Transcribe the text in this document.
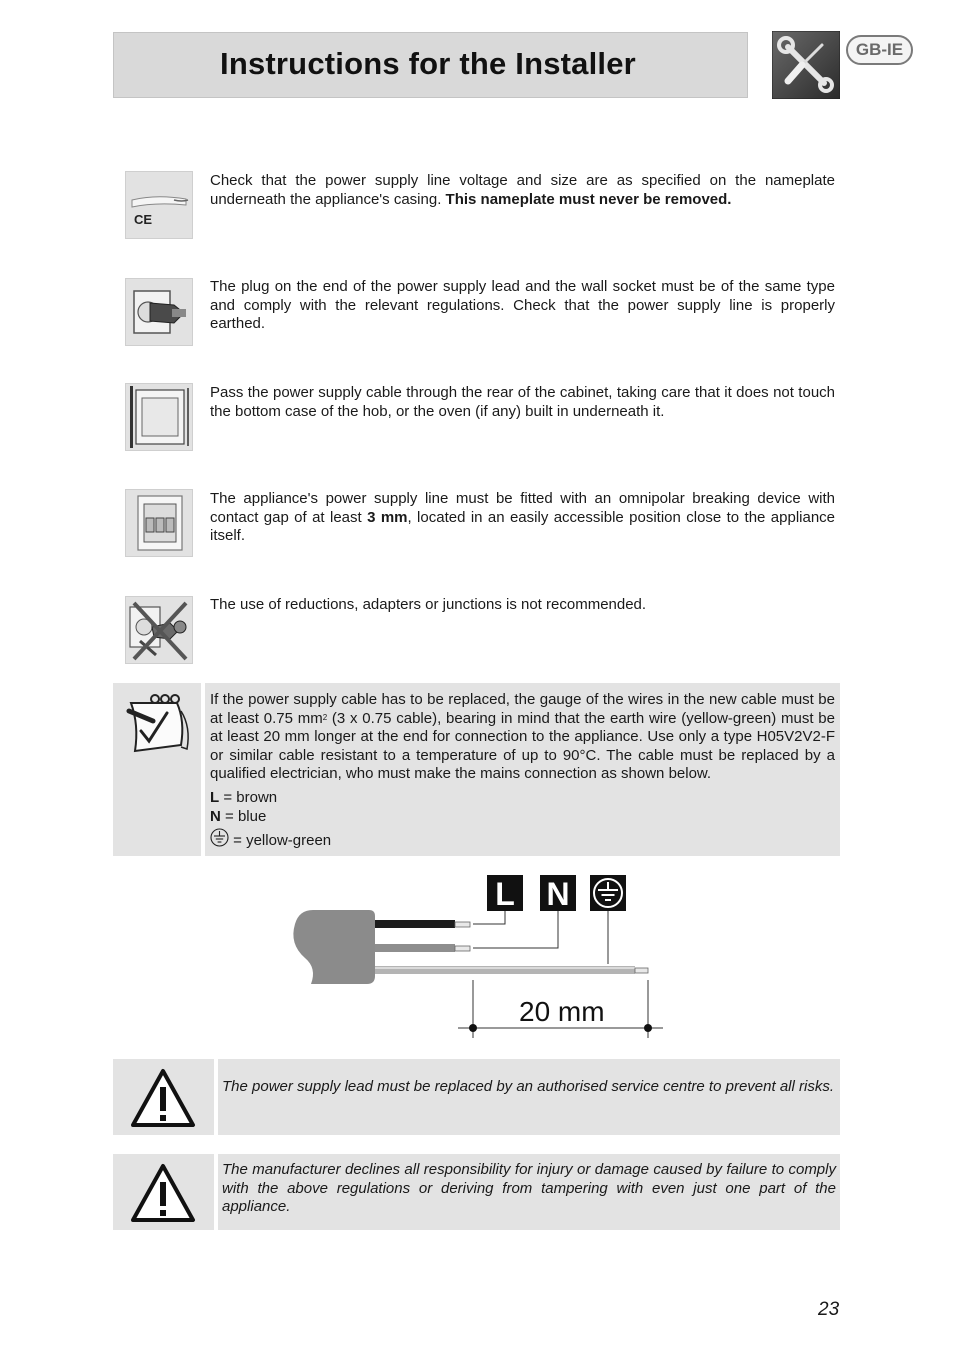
Instructions for the Installer	GB-IE
CE
Check that the power supply line voltage and size are as specified on the nameplate underneath the appliance's casing. This nameplate must never be removed.
The plug on the end of the power supply lead and the wall socket must be of the same type and comply with the relevant regulations. Check that the power supply line is properly earthed.
Pass the power supply cable through the rear of the cabinet, taking care that it does not touch the bottom case of the hob, or the oven (if any) built in underneath it.
The appliance's power supply line must be fitted with an omnipolar breaking device with contact gap of at least 3 mm, located in an easily accessible position close to the appliance itself.
The use of reductions, adapters or junctions is not recommended.
If the power supply cable has to be replaced, the gauge of the wires in the new cable must be at least 0.75 $mm^2$ (3 x 0.75 cable), bearing in mind that the earth wire (yellow-green) must be at least 20 mm longer at the end for connection to the appliance. Use only a type H05V2V2-F or similar cable resistant to a temperature of up to 90°C. The cable must be replaced by a qualified electrician, who must make the mains connection as shown below.
L = brown
N = blue
= yellow-green
L N
20 mm
The power supply lead must be replaced by an authorised service centre to prevent all risks.
The manufacturer declines all responsibility for injury or damage caused by failure to comply with the above regulations or deriving from tampering with even just one part of the appliance.
23
